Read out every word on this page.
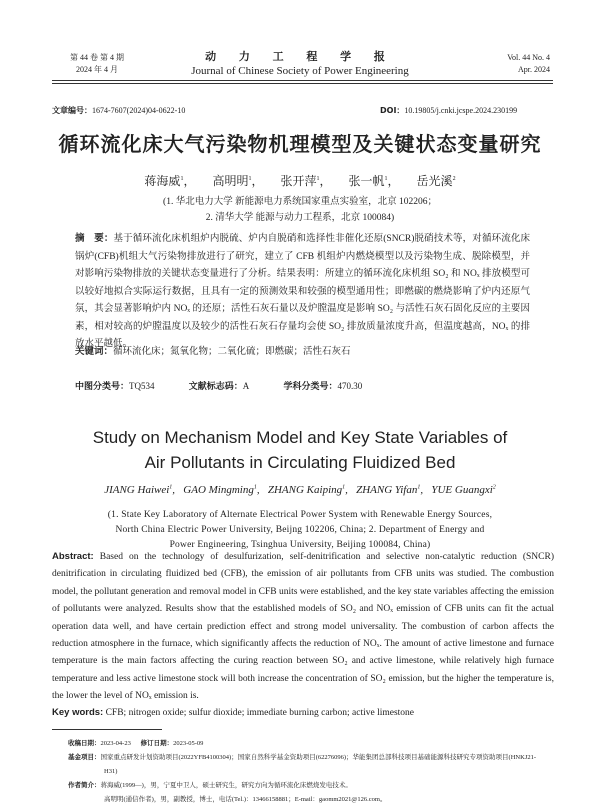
第 44 卷 第 4 期
2024 年 4 月
动 力 工 程 学 报
Journal of Chinese Society of Power Engineering
Vol. 44 No. 4
Apr. 2024
文章编号：1674-7607(2024)04-0622-10	DOI：10.19805/j.cnki.jcspe.2024.230199
循环流化床大气污染物机理模型及关键状态变量研究
蒋海威$^1$， 高明明$^1$， 张开萍$^1$， 张一帆$^1$， 岳光溪$^2$
(1. 华北电力大学 新能源电力系统国家重点实验室，北京 102206；
2. 清华大学 能源与动力工程系，北京 100084)
摘　要：基于循环流化床机组炉内脱硫、炉内自脱硝和选择性非催化还原(SNCR)脱硝技术等，对循环流化床锅炉(CFB)机组大气污染物排放进行了研究，建立了 CFB 机组炉内燃烧模型以及污染物生成、脱除模型，并对影响污染物排放的关键状态变量进行了分析。结果表明：所建立的循环流化床机组 SO₂ 和 NOₓ 排放模型可以较好地拟合实际运行数据，且具有一定的预测效果和较强的模型通用性；即燃碳的燃烧影响了炉内还原气氛，其会显著影响炉内 NOₓ 的还原；活性石灰石量以及炉膛温度是影响 SO₂ 与活性石灰石固化反应的主要因素，相对较高的炉膛温度以及较少的活性石灰石存量均会使 SO₂ 排放质量浓度升高，但温度越高，NOₓ 的排放水平越低。
关键词：循环流化床；氮氧化物；二氧化硫；即燃碳；活性石灰石
中图分类号：TQ534	文献标志码：A	学科分类号：470.30
Study on Mechanism Model and Key State Variables of
Air Pollutants in Circulating Fluidized Bed
JIANG Haiwei$^1$,   GAO Mingming$^1$,   ZHANG Kaiping$^1$,   ZHANG Yifan$^1$,   YUE Guangxi$^2$
(1. State Key Laboratory of Alternate Electrical Power System with Renewable Energy Sources,
North China Electric Power University, Beijng 102206, China; 2. Department of Energy and
Power Engineering, Tsinghua University, Beijing 100084, China)
Abstract: Based on the technology of desulfurization, self-denitrification and selective non-catalytic reduction (SNCR) denitrification in circulating fluidized bed (CFB), the emission of air pollutants from CFB units was studied. The combustion model, the pollutant generation and removal model in CFB units were established, and the key state variables affecting the emission of pollutants were analyzed. Results show that the established models of SO₂ and NOₓ emission of CFB units can fit the actual operation data well, and have certain prediction effect and strong model universality. The combustion of carbon affects the reduction atmosphere in the furnace, which significantly affects the reduction of NOₓ. The amount of active limestone and furnace temperature is the main factors affecting the curing reaction between SO₂ and active limestone, while relatively high furnace temperature and less active limestone stock will both increase the concentration of SO₂ emission, but the higher the temperature is, the lower the level of NOₓ emission is.
Key words: CFB; nitrogen oxide; sulfur dioxide; immediate burning carbon; active limestone
收稿日期：2023-04-23 修订日期：2023-05-09
基金项目：国家重点研发计划资助项目(2022YFB4100304)；国家自然科学基金资助项目(62276096)；华能集团总部科技项目基础能源科技研究专项资助项目(HNKJ21-H31)
作者简介：蒋海威(1999—)，男，宁夏中卫人，硕士研究生，研究方向为循环流化床燃烧发电技术。
高明明(通信作者)，男，副教授，博士，电话(Tel.)：13466158881；E-mail：gaomm2021@126.com。
